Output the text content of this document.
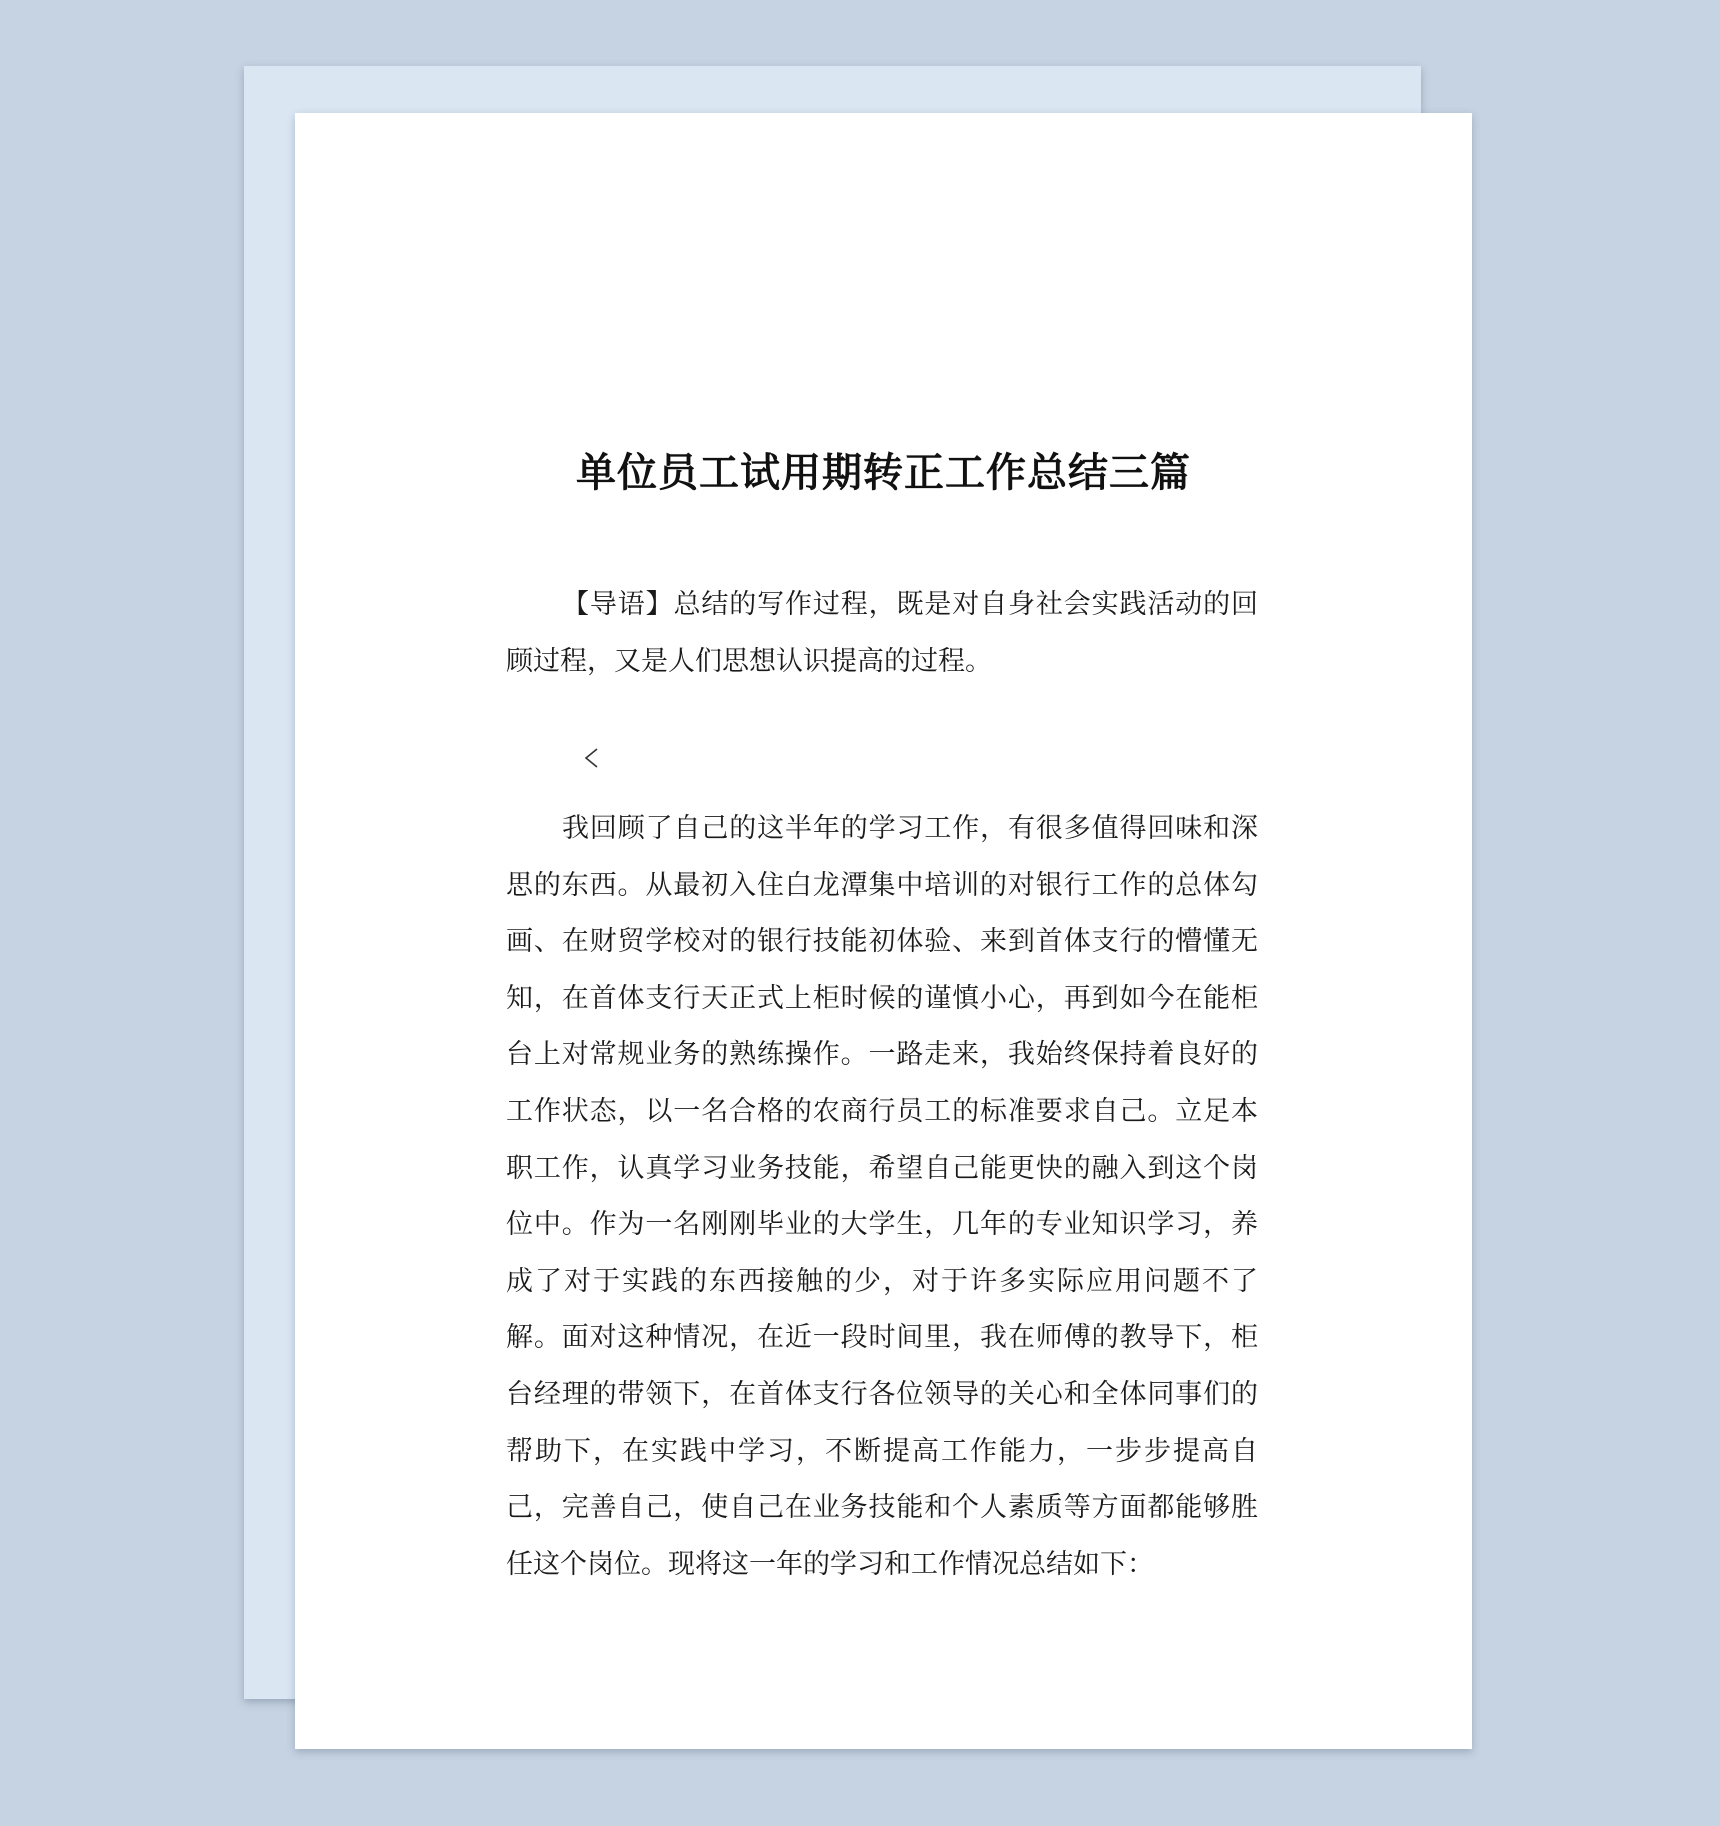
单位员工试用期转正工作总结三篇

【导语】总结的写作过程，既是对自身社会实践活动的回顾过程，又是人们思想认识提高的过程。

我回顾了自己的这半年的学习工作，有很多值得回味和深思的东西。从最初入住白龙潭集中培训的对银行工作的总体勾画、在财贸学校对的银行技能初体验、来到首体支行的懵懂无知，在首体支行天正式上柜时候的谨慎小心，再到如今在能柜台上对常规业务的熟练操作。一路走来，我始终保持着良好的工作状态，以一名合格的农商行员工的标准要求自己。立足本职工作，认真学习业务技能，希望自己能更快的融入到这个岗位中。作为一名刚刚毕业的大学生，几年的专业知识学习，养成了对于实践的东西接触的少，对于许多实际应用问题不了解。面对这种情况，在近一段时间里，我在师傅的教导下，柜台经理的带领下，在首体支行各位领导的关心和全体同事们的帮助下，在实践中学习，不断提高工作能力，一步步提高自己，完善自己，使自己在业务技能和个人素质等方面都能够胜任这个岗位。现将这一年的学习和工作情况总结如下：
